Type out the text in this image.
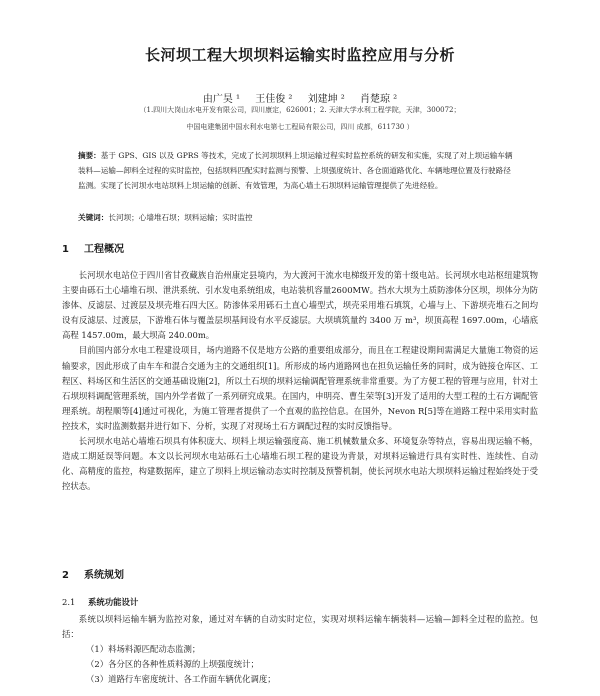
长河坝工程大坝坝料运输实时监控应用与分析
由广昊 ¹ 王佳俊 ² 刘建坤 ² 肖楚琼 ²
（1.四川大岗山水电开发有限公司，四川康定，626001；2. 天津大学水利工程学院，天津，300072；
中国电建集团中国水利水电第七工程局有限公司，四川 成都，611730 ）
摘要：基于 GPS、GIS 以及 GPRS 等技术，完成了长河坝坝料上坝运输过程实时监控系统的研发和实施，实现了对上坝运输车辆装料—运输—卸料全过程的实时监控，包括坝料匹配实时监测与预警、上坝强度统计、各仓面道路优化、车辆地理位置及行驶路径监测。实现了长河坝水电站坝料上坝运输的创新、有效管理，为高心墙土石坝坝料运输管理提供了先进经验。
关键词：长河坝；心墙堆石坝；坝料运输；实时监控
1 工程概况

长河坝水电站位于四川省甘孜藏族自治州康定县境内，为大渡河干流水电梯级开发的第十级电站。长河坝水电站枢纽建筑物主要由砾石土心墙堆石坝、泄洪系统、引水发电系统组成，电站装机容量2600MW。挡水大坝为土质防渗体分区坝，坝体分为防渗体、反滤层、过渡层及坝壳堆石四大区。防渗体采用砾石土直心墙型式，坝壳采用堆石填筑，心墙与上、下游坝壳堆石之间均设有反滤层、过渡层，下游堆石体与覆盖层坝基间设有水平反滤层。大坝填筑量约 3400 万 m³，坝顶高程 1697.00m，心墙底高程 1457.00m，最大坝高 240.00m。

目前国内部分水电工程建设项目，场内道路不仅是地方公路的重要组成部分，而且在工程建设期间需满足大量施工物资的运输要求，因此形成了由车车和混合交通为主的交通组织[1]。所形成的场内道路网也在担负运输任务的同时，成为链接仓库区、工程区、料场区和生活区的交通基础设施[2]，所以土石坝的坝料运输调配管理系统非常重要。为了方便工程的管理与应用，针对土石坝坝料调配管理系统，国内外学者做了一系列研究成果。在国内，申明亮、曹生荣等[3]开发了适用的大型工程的土石方调配管理系统。胡程顺等[4]通过可视化，为施工管理者提供了一个直观的监控信息。在国外，Nevon R[5]等在道路工程中采用实时监控技术，实时监测数据并进行如下、分析，实现了对现场土石方调配过程的实时反馈指导。

长河坝水电站心墙堆石坝具有体积庞大、坝料上坝运输强度高、施工机械数量众多、环境复杂等特点，容易出现运输不畅，造成工期延误等问题。本文以长河坝水电站砾石土心墙堆石坝工程的建设为背景，对坝料运输进行具有实时性、连续性、自动化、高精度的监控，构建数据库，建立了坝料上坝运输动态实时控制及预警机制，使长河坝水电站大坝坝料运输过程始终处于受控状态。

2 系统规划
2.1 系统功能设计

系统以坝料运输车辆为监控对象，通过对车辆的自动实时定位，实现对坝料运输车辆装料—运输—卸料全过程的监控。包括：

（1）料场料源匹配动态监测；
（2）各分区的各种性质料源的上坝强度统计；
（3）道路行车密度统计、各工作面车辆优化调度；
